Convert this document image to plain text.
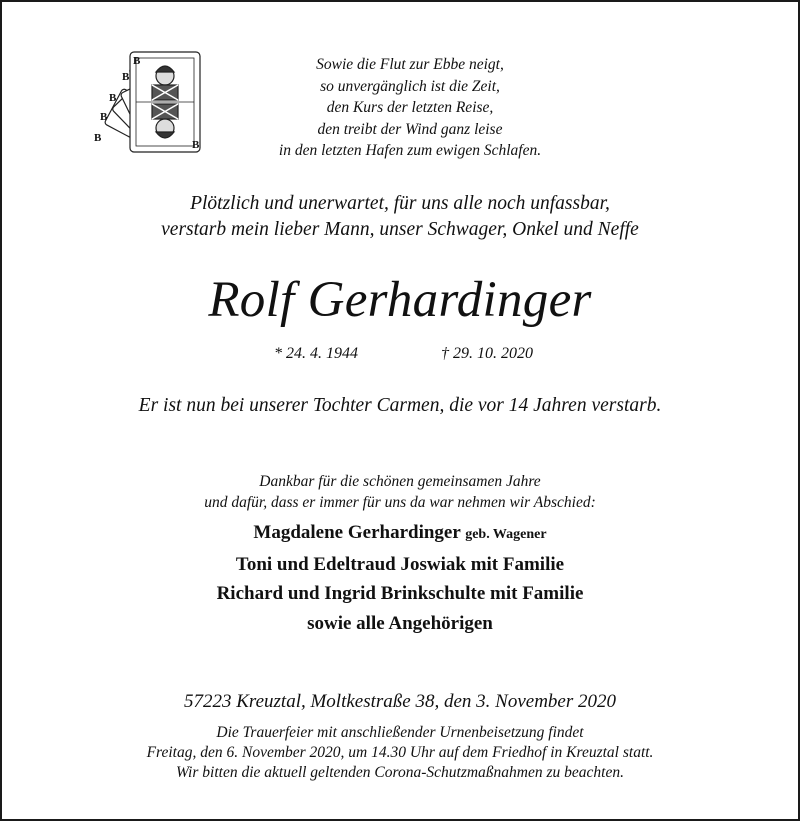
B
B
B
B
B
B
Sowie die Flut zur Ebbe neigt,
so unvergänglich ist die Zeit,
den Kurs der letzten Reise,
den treibt der Wind ganz leise
in den letzten Hafen zum ewigen Schlafen.
Plötzlich und unerwartet, für uns alle noch unfassbar,
verstarb mein lieber Mann, unser Schwager, Onkel und Neffe
Rolf Gerhardinger
* 24. 4. 1944	† 29. 10. 2020
Er ist nun bei unserer Tochter Carmen, die vor 14 Jahren verstarb.
Dankbar für die schönen gemeinsamen Jahre
und dafür, dass er immer für uns da war nehmen wir Abschied:
Magdalene Gerhardinger geb. Wagener
Toni und Edeltraud Joswiak mit Familie
Richard und Ingrid Brinkschulte mit Familie
sowie alle Angehörigen
57223 Kreuztal, Moltkestraße 38, den 3. November 2020
Die Trauerfeier mit anschließender Urnenbeisetzung findet
Freitag, den 6. November 2020, um 14.30 Uhr auf dem Friedhof in Kreuztal statt.
Wir bitten die aktuell geltenden Corona-Schutzmaßnahmen zu beachten.
